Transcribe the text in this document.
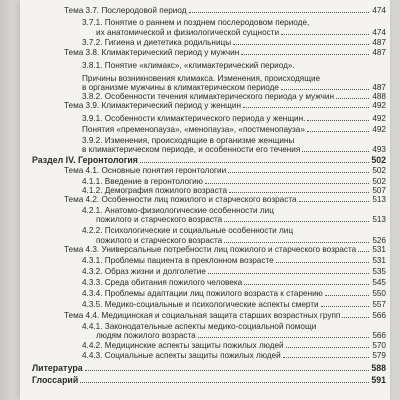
Тема 3.7. Послеродовой период	474
3.7.1. Понятие о раннем и позднем послеродовом периоде,
их анатомической и физиологической сущности	474
3.7.2. Гигиена и диететика родильницы	487
Тема 3.8. Климактерический период у мужчин	487
3.8.1. Понятие «климакс», «климактерический период».
Причины возникновения климакса. Изменения, происходящие
в организме мужчины в климактерическом периоде	487
3.8.2. Особенности течения климактерического периода у мужчин	488
Тема 3.9. Климактерический период у женщин	492
3.9.1. Особенности климактерического периода у женщин.	492
Понятия «пременопауза», «менопауза», «постменопауза»	492
3.9.2. Изменения, происходящие в организме женщины
в климактерическом периоде, и особенности его течения	493
Раздел IV. Геронтология	502
Тема 4.1. Основные понятия геронтологии	502
4.1.1. Введение в геронтологию	502
4.1.2. Демография пожилого возраста	507
Тема 4.2. Особенности лиц пожилого и старческого возраста	513
4.2.1. Анатомо-физиологические особенности лиц
пожилого и старческого возраста	513
4.2.2. Психологические и социальные особенности лиц
пожилого и старческого возраста	526
Тема 4.3. Универсальные потребности лиц пожилого и старческого возраста 531
4.3.1. Проблемы пациента в преклонном возрасте	531
4.3.2. Образ жизни и долголетие	535
4.3.3. Среда обитания пожилого человека	545
4.3.4. Проблемы адаптации лиц пожилого возраста к старению	550
4.3.5. Медико-социальные и психологические аспекты смерти	557
Тема 4.4. Медицинская и социальная защита старших возрастных групп	566
4.4.1. Законодательные аспекты медико-социальной помощи
людям пожилого возраста	566
4.4.2. Медицинские аспекты защиты пожилых людей	570
4.4.3. Социальные аспекты защиты пожилых людей	579
Литература	588
Глоссарий	591
